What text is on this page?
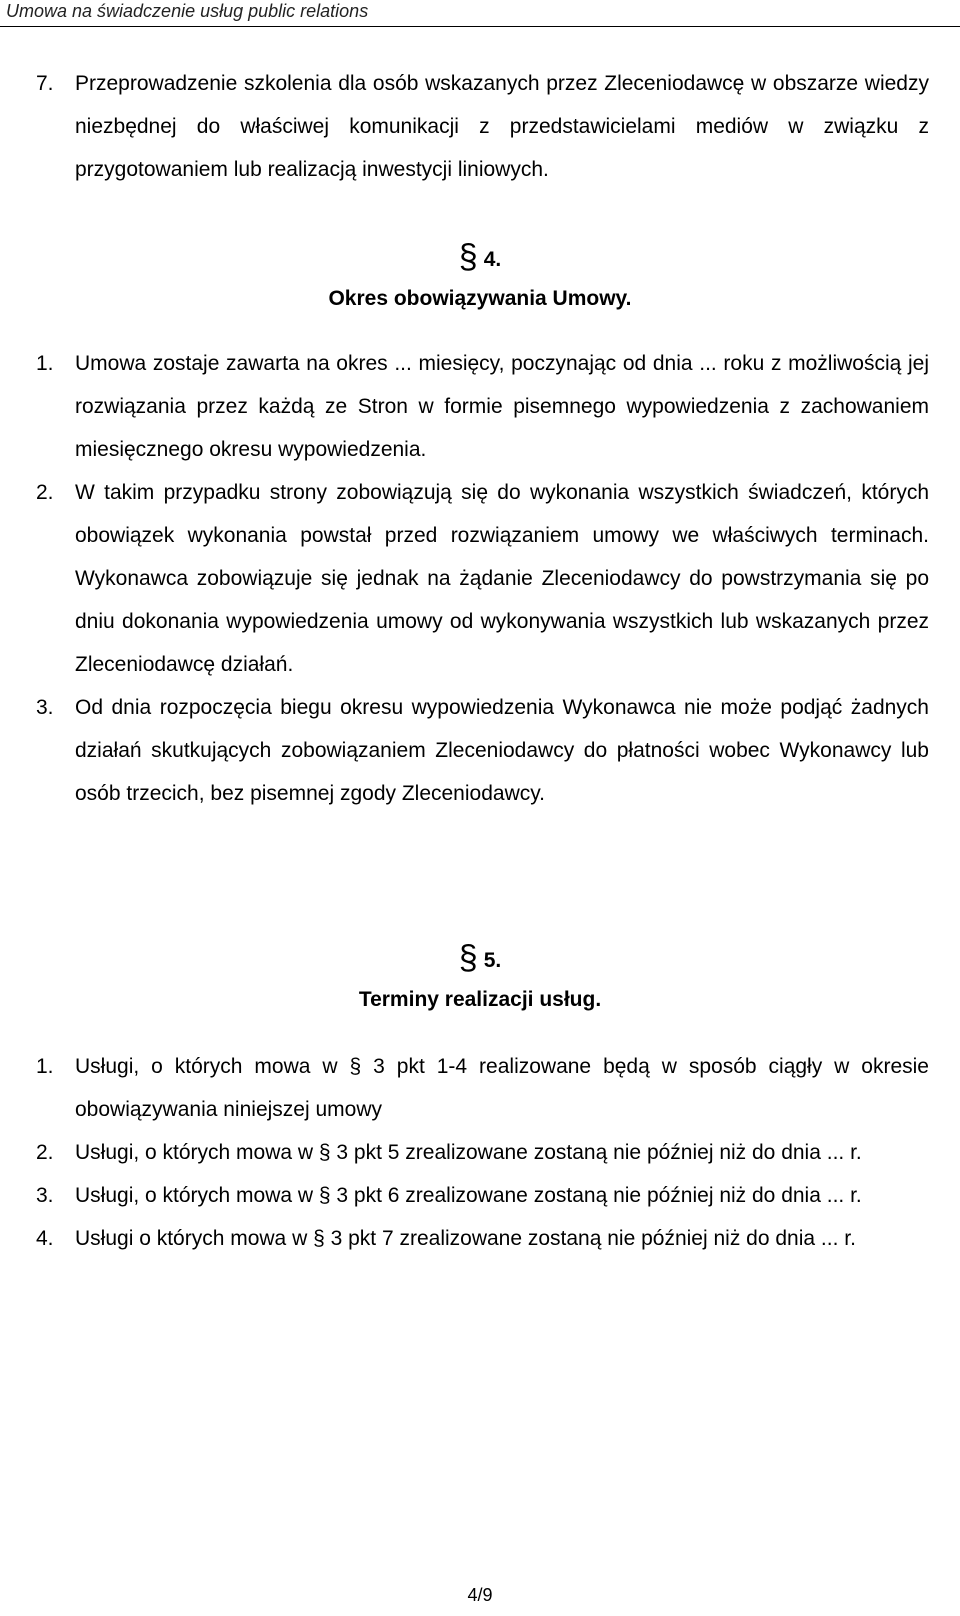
Umowa na świadczenie usług public relations
7. Przeprowadzenie szkolenia dla osób wskazanych przez Zleceniodawcę w obszarze wiedzy niezbędnej do właściwej komunikacji z przedstawicielami mediów w związku z przygotowaniem lub realizacją inwestycji liniowych.
§ 4.
Okres obowiązywania Umowy.
1. Umowa zostaje zawarta na okres ... miesięcy, poczynając od dnia ... roku z możliwością jej rozwiązania przez każdą ze Stron w formie pisemnego wypowiedzenia z zachowaniem miesięcznego okresu wypowiedzenia.
2. W takim przypadku strony zobowiązują się do wykonania wszystkich świadczeń, których obowiązek wykonania powstał przed rozwiązaniem umowy we właściwych terminach. Wykonawca zobowiązuje się jednak na żądanie Zleceniodawcy do powstrzymania się po dniu dokonania wypowiedzenia umowy od wykonywania wszystkich lub wskazanych przez Zleceniodawcę działań.
3. Od dnia rozpoczęcia biegu okresu wypowiedzenia Wykonawca nie może podjąć żadnych działań skutkujących zobowiązaniem Zleceniodawcy do płatności wobec Wykonawcy lub osób trzecich, bez pisemnej zgody Zleceniodawcy.
§ 5.
Terminy realizacji usług.
1. Usługi, o których mowa w § 3 pkt 1-4 realizowane będą w sposób ciągły w okresie obowiązywania niniejszej umowy
2. Usługi, o których mowa w § 3 pkt 5 zrealizowane zostaną nie później niż do dnia ... r.
3. Usługi, o których mowa w § 3 pkt 6 zrealizowane zostaną nie później niż do dnia ... r.
4. Usługi o których mowa w § 3 pkt 7 zrealizowane zostaną nie później niż do dnia ... r.
4/9
